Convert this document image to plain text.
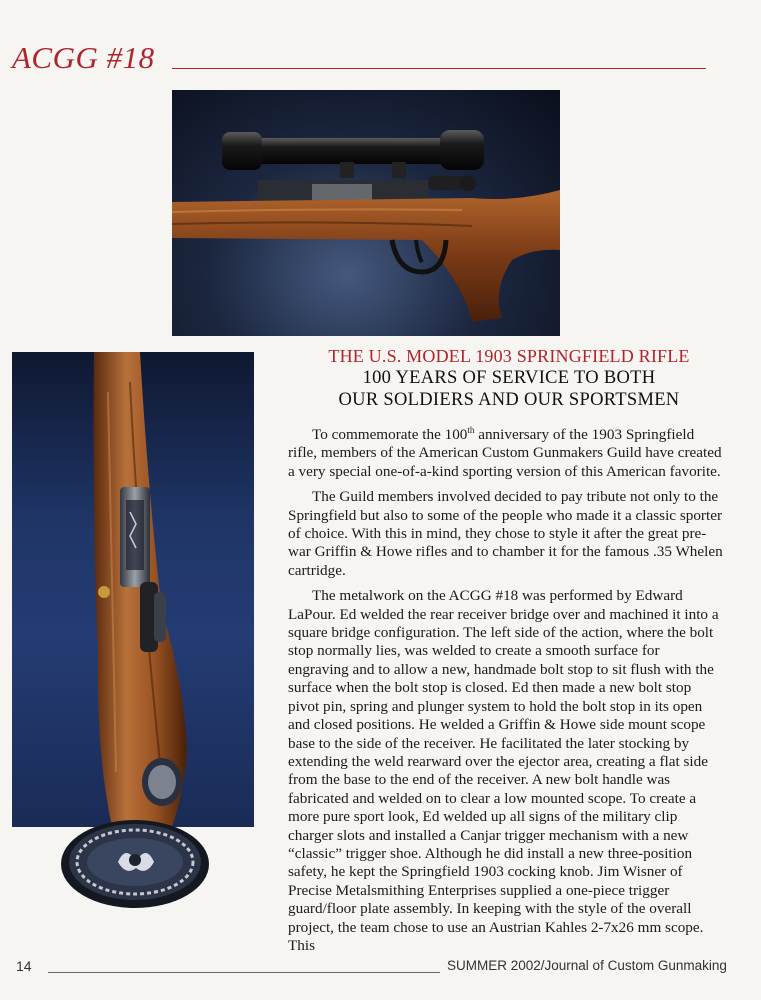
ACGG #18
THE U.S. MODEL 1903 SPRINGFIELD RIFLE
100 YEARS OF SERVICE TO BOTH
OUR SOLDIERS AND OUR SPORTSMEN

To commemorate the 100th anniversary of the 1903 Springfield rifle, members of the American Custom Gunmakers Guild have created a very special one-of-a-kind sporting version of this American favorite.

The Guild members involved decided to pay tribute not only to the Springfield but also to some of the people who made it a classic sporter of choice. With this in mind, they chose to style it after the great pre-war Griffin & Howe rifles and to chamber it for the famous .35 Whelen cartridge.

The metalwork on the ACGG #18 was performed by Edward LaPour. Ed welded the rear receiver bridge over and machined it into a square bridge configuration. The left side of the action, where the bolt stop normally lies, was welded to create a smooth surface for engraving and to allow a new, handmade bolt stop to sit flush with the surface when the bolt stop is closed. Ed then made a new bolt stop pivot pin, spring and plunger system to hold the bolt stop in its open and closed positions. He welded a Griffin & Howe side mount scope base to the side of the receiver. He facilitated the later stocking by extending the weld rearward over the ejector area, creating a flat side from the base to the end of the receiver. A new bolt handle was fabricated and welded on to clear a low mounted scope. To create a more pure sport look, Ed welded up all signs of the military clip charger slots and installed a Canjar trigger mechanism with a new “classic” trigger shoe. Although he did install a new three-position safety, he kept the Springfield 1903 cocking knob. Jim Wisner of Precise Metalsmithing Enterprises supplied a one-piece trigger guard/floor plate assembly. In keeping with the style of the overall project, the team chose to use an Austrian Kahles 2-7x26 mm scope. This

14	SUMMER 2002/Journal of Custom Gunmaking
